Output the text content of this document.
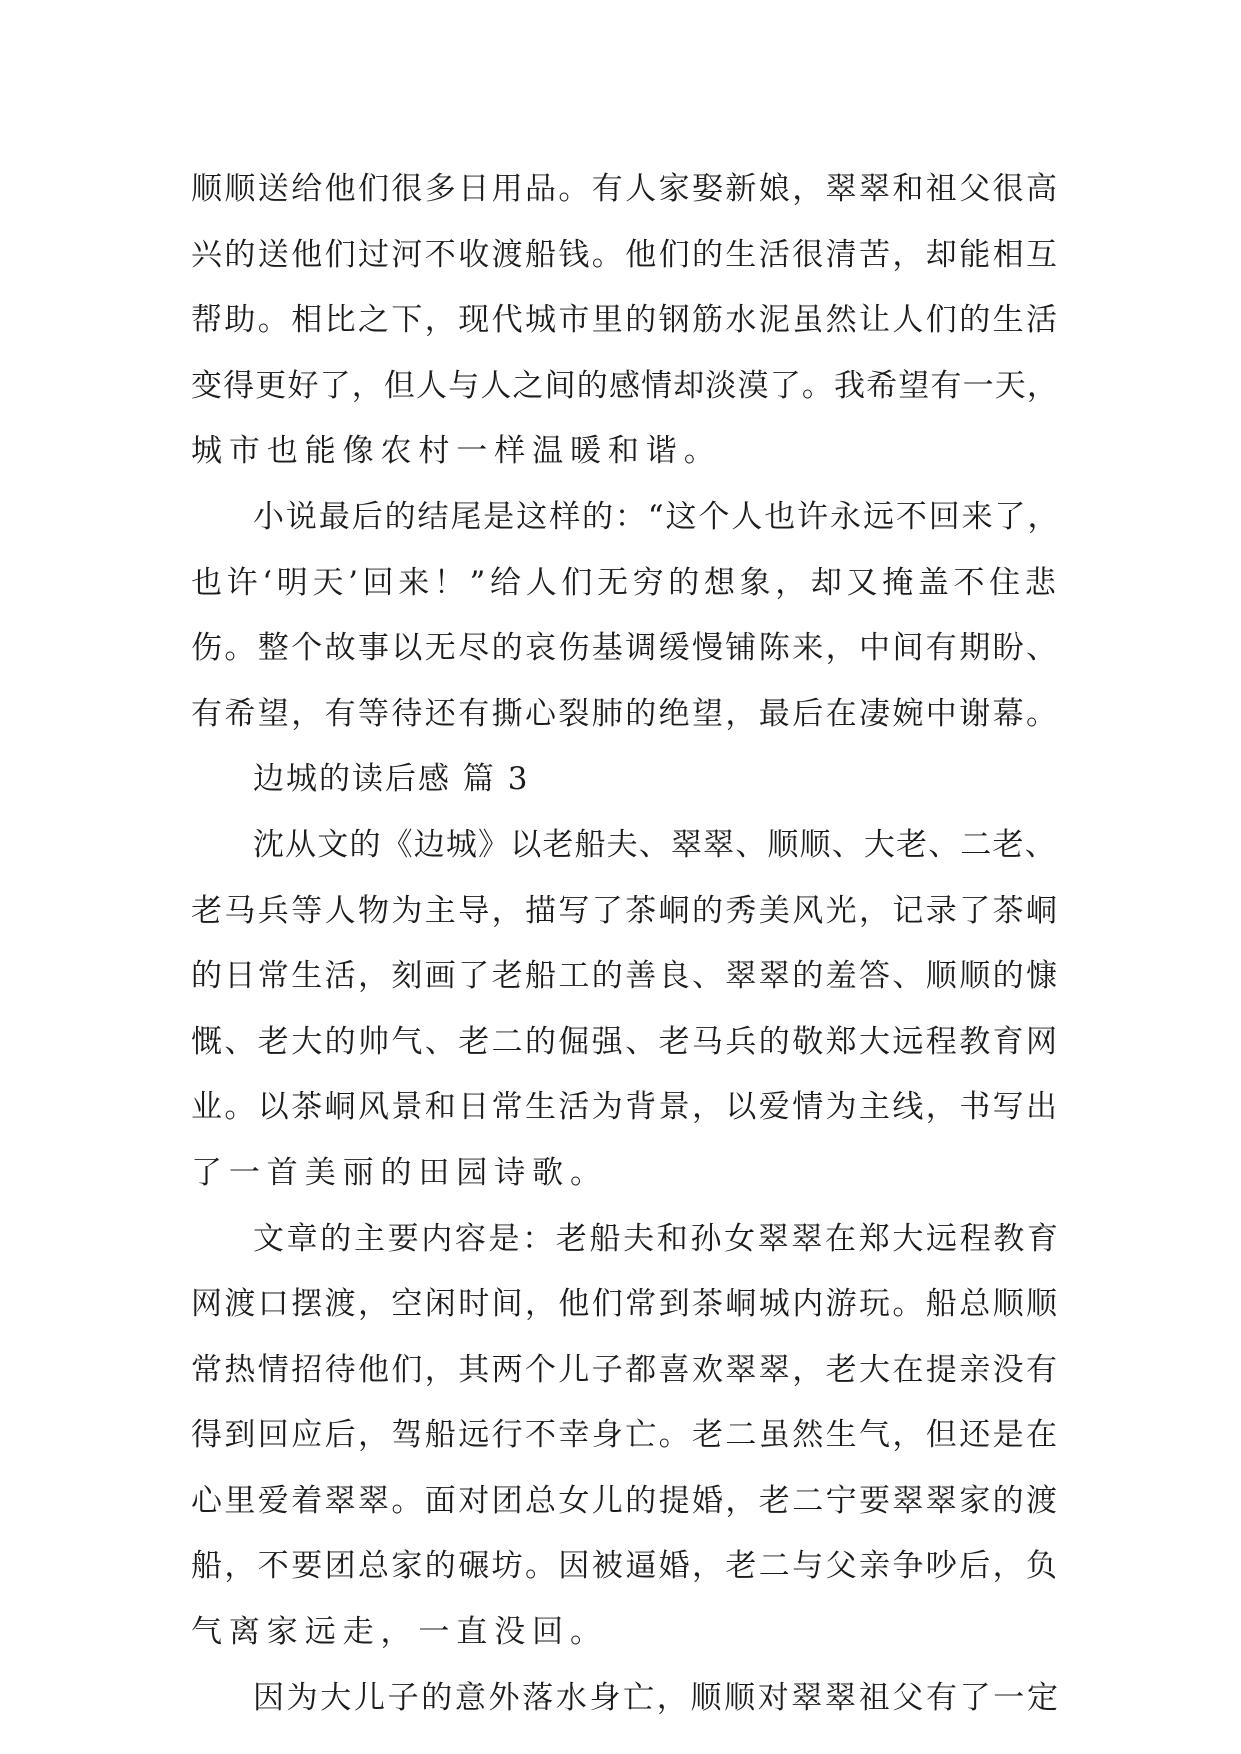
顺顺送给他们很多日用品。有人家娶新娘，翠翠和祖父很高
兴的送他们过河不收渡船钱。他们的生活很清苦，却能相互
帮助。相比之下，现代城市里的钢筋水泥虽然让人们的生活
变得更好了，但人与人之间的感情却淡漠了。我希望有一天，
城市也能像农村一样温暖和谐。
小说最后的结尾是这样的：“这个人也许永远不回来了，
也许‘明天’回来！”给人们无穷的想象，却又掩盖不住悲
伤。整个故事以无尽的哀伤基调缓慢铺陈来，中间有期盼、
有希望，有等待还有撕心裂肺的绝望，最后在凄婉中谢幕。
边城的读后感 篇 3
沈从文的《边城》以老船夫、翠翠、顺顺、大老、二老、
老马兵等人物为主导，描写了茶峒的秀美风光，记录了茶峒
的日常生活，刻画了老船工的善良、翠翠的羞答、顺顺的慷
慨、老大的帅气、老二的倔强、老马兵的敬郑大远程教育网
业。以茶峒风景和日常生活为背景，以爱情为主线，书写出
了一首美丽的田园诗歌。
文章的主要内容是：老船夫和孙女翠翠在郑大远程教育
网渡口摆渡，空闲时间，他们常到茶峒城内游玩。船总顺顺
常热情招待他们，其两个儿子都喜欢翠翠，老大在提亲没有
得到回应后，驾船远行不幸身亡。老二虽然生气，但还是在
心里爱着翠翠。面对团总女儿的提婚，老二宁要翠翠家的渡
船，不要团总家的碾坊。因被逼婚，老二与父亲争吵后，负
气离家远走，一直没回。
因为大儿子的意外落水身亡，顺顺对翠翠祖父有了一定
